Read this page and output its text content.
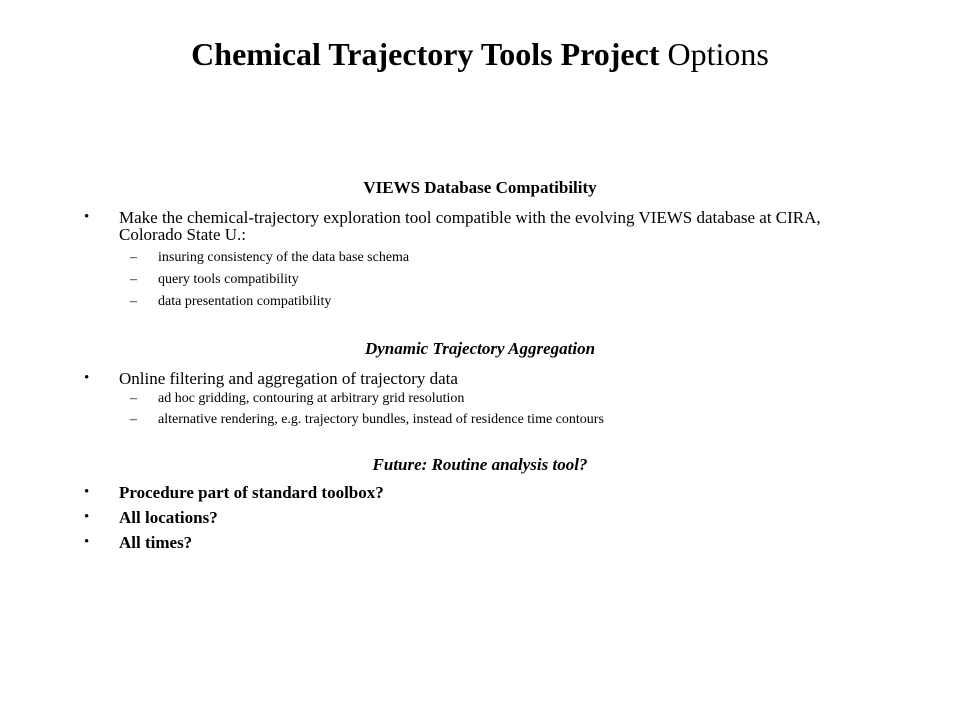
Chemical Trajectory Tools Project Options
VIEWS Database Compatibility
• Make the chemical-trajectory exploration tool compatible with the evolving VIEWS database at CIRA, Colorado State U.:
– insuring consistency of the data base schema
– query tools compatibility
– data presentation compatibility
Dynamic Trajectory Aggregation
• Online filtering and aggregation of trajectory data
– ad hoc gridding, contouring at arbitrary grid resolution
– alternative rendering, e.g. trajectory bundles, instead of residence time contours
Future: Routine analysis tool?
• Procedure part of standard toolbox?
• All locations?
• All times?
